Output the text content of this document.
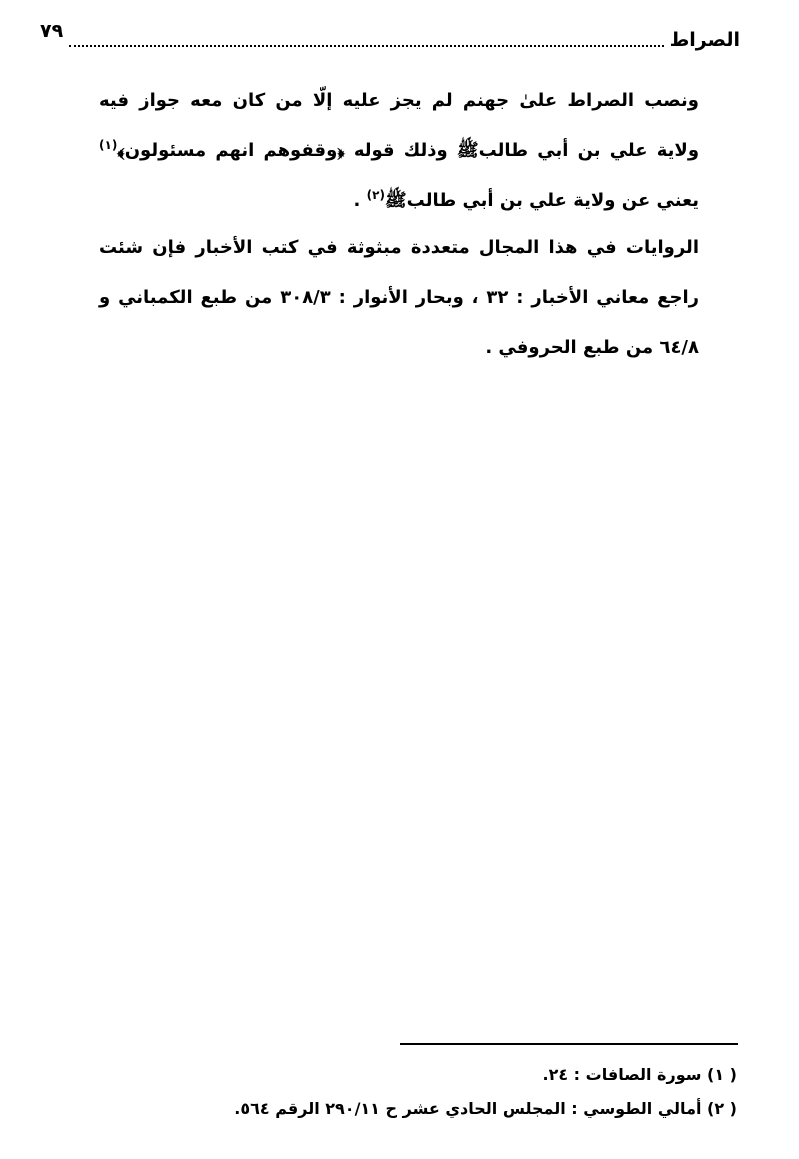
الصراط
٧٩
ونصب الصراط علىٰ جهنم لم يجز عليه إلّا من كان معه جواز فيه ولاية علي بن أبي طالبﷺ وذلك قوله ﴿وقفوهم انهم مسئولون﴾$^{(١)}$ يعني عن ولاية علي بن أبي طالبﷺ$^{(٢)}$ .
الروايات في هذا المجال متعددة مبثوثة في كتب الأخبار فإن شئت راجع معاني الأخبار : ٣٢ ، وبحار الأنوار : ٣٠٨/٣ من طبع الكمباني و ٦٤/٨ من طبع الحروفي .
( ١) سورة الصافات : ٢٤.
( ٢) أمالي الطوسي : المجلس الحادي عشر ح ٢٩٠/١١ الرقم ٥٦٤.
